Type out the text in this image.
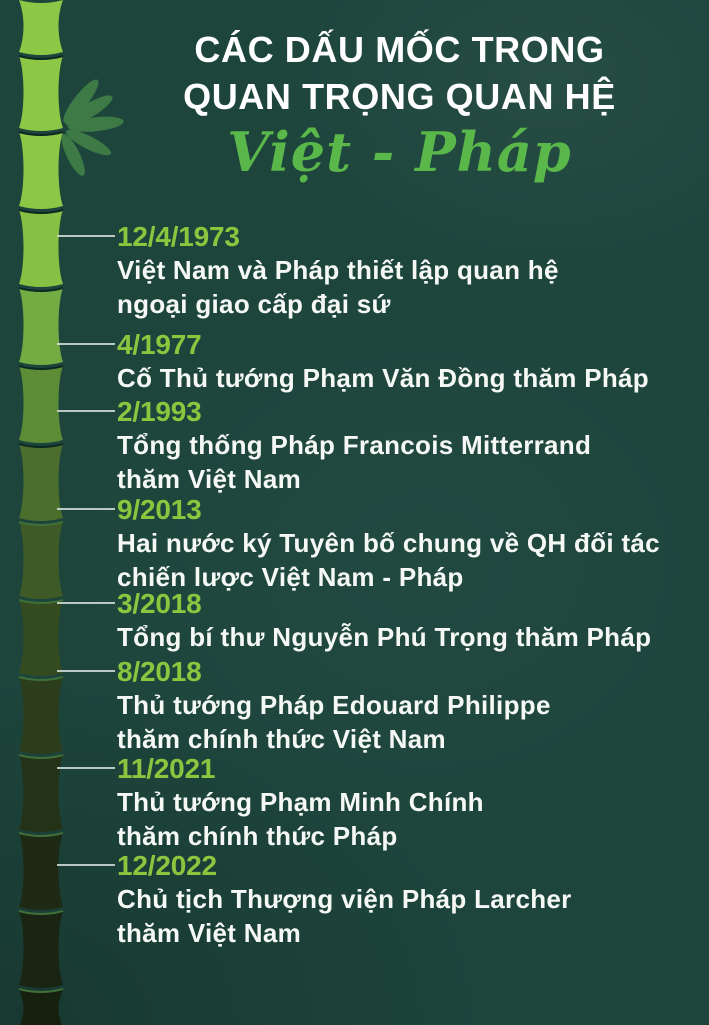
CÁC DẤU MỐC TRONG
QUAN TRỌNG QUAN HỆ
Việt - Pháp
12/4/1973
Việt Nam và Pháp thiết lập quan hệ
ngoại giao cấp đại sứ
4/1977
Cố Thủ tướng Phạm Văn Đồng thăm Pháp
2/1993
Tổng thống Pháp Francois Mitterrand
thăm Việt Nam
9/2013
Hai nước ký Tuyên bố chung về QH đối tác
chiến lược Việt Nam - Pháp
3/2018
Tổng bí thư Nguyễn Phú Trọng thăm Pháp
8/2018
Thủ tướng Pháp Edouard Philippe
thăm chính thức Việt Nam
11/2021
Thủ tướng Phạm Minh Chính
thăm chính thức Pháp
12/2022
Chủ tịch Thượng viện Pháp Larcher
thăm Việt Nam
